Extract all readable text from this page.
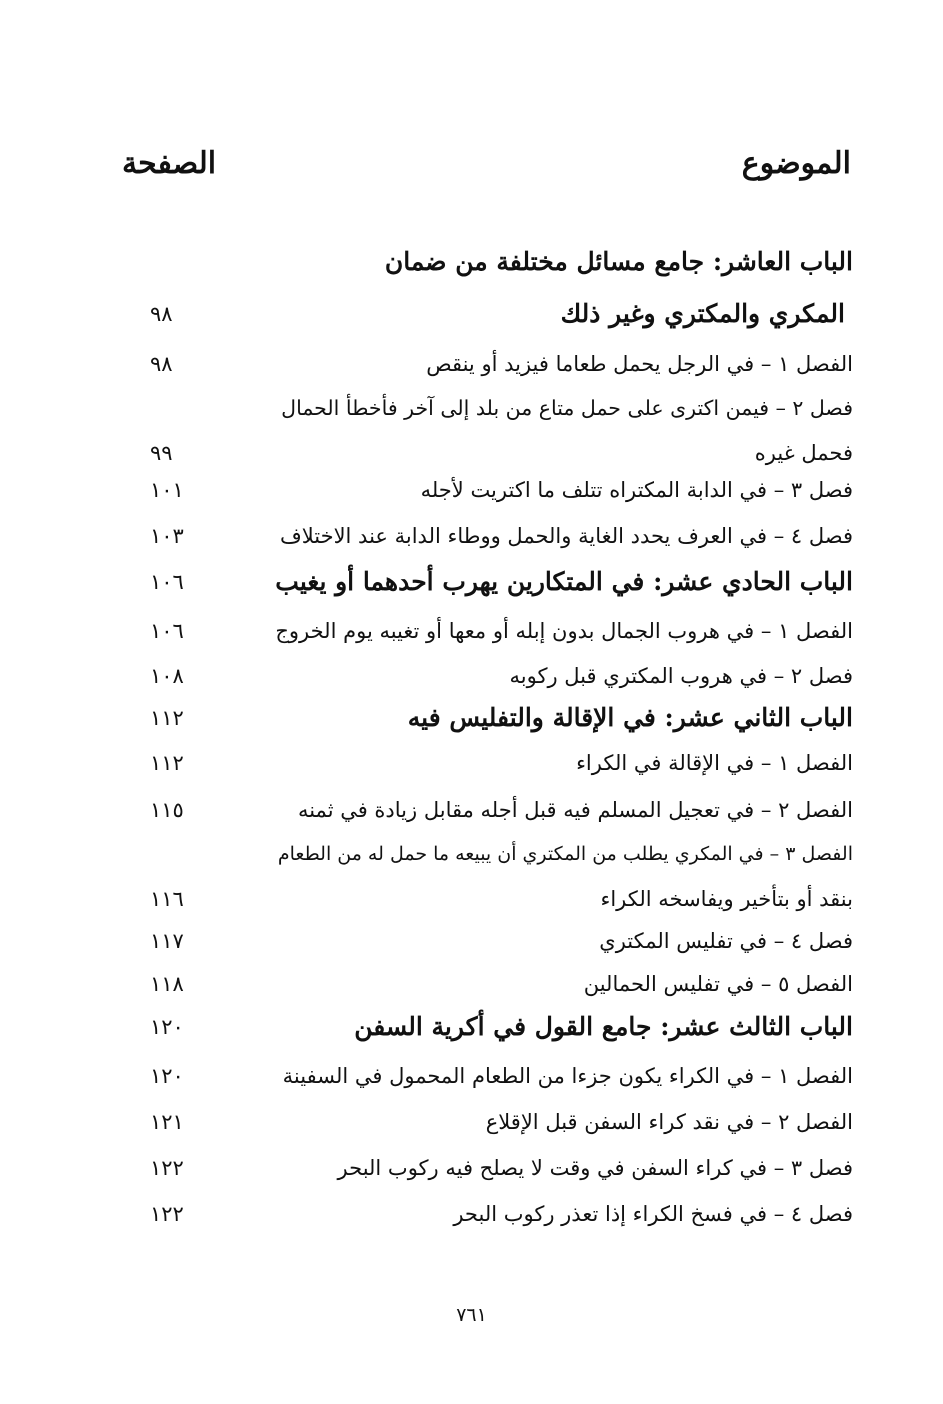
الموضوع
الصفحة
الباب العاشر: جامع مسائل مختلفة من ضمان
المكري والمكتري وغير ذلك
٩٨
الفصل ١ – في الرجل يحمل طعاما فيزيد أو ينقص
٩٨
فصل ٢ – فيمن اكترى على حمل متاع من بلد إلى آخر فأخطأ الحمال
فحمل غيره
٩٩
فصل ٣ – في الدابة المكتراه تتلف ما اكتريت لأجله
١٠١
فصل ٤ – في العرف يحدد الغاية والحمل ووطاء الدابة عند الاختلاف
١٠٣
الباب الحادي عشر: في المتكارين يهرب أحدهما أو يغيب
١٠٦
الفصل ١ – في هروب الجمال بدون إبله أو معها أو تغيبه يوم الخروج
١٠٦
فصل ٢ – في هروب المكتري قبل ركوبه
١٠٨
الباب الثاني عشر: في الإقالة والتفليس فيه
١١٢
الفصل ١ – في الإقالة في الكراء
١١٢
الفصل ٢ – في تعجيل المسلم فيه قبل أجله مقابل زيادة في ثمنه
١١٥
الفصل ٣ – في المكري يطلب من المكتري أن يبيعه ما حمل له من الطعام
بنقد أو بتأخير ويفاسخه الكراء
١١٦
فصل ٤ – في تفليس المكتري
١١٧
الفصل ٥ – في تفليس الحمالين
١١٨
الباب الثالث عشر: جامع القول في أكرية السفن
١٢٠
الفصل ١ – في الكراء يكون جزءا من الطعام المحمول في السفينة
١٢٠
الفصل ٢ – في نقد كراء السفن قبل الإقلاع
١٢١
فصل ٣ – في كراء السفن في وقت لا يصلح فيه ركوب البحر
١٢٢
فصل ٤ – في فسخ الكراء إذا تعذر ركوب البحر
١٢٢
٧٦١
